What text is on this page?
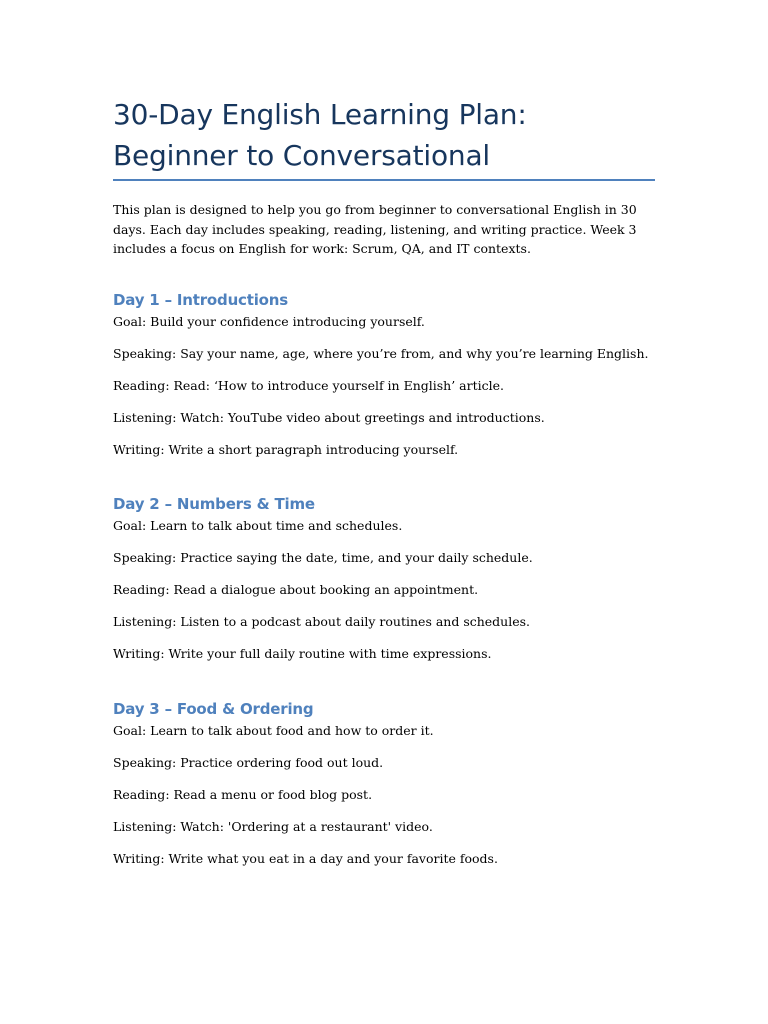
30-Day English Learning Plan: Beginner to Conversational

This plan is designed to help you go from beginner to conversational English in 30 days. Each day includes speaking, reading, listening, and writing practice. Week 3 includes a focus on English for work: Scrum, QA, and IT contexts.

Day 1 – Introductions

Goal: Build your confidence introducing yourself.

Speaking: Say your name, age, where you’re from, and why you’re learning English.

Reading: Read: ‘How to introduce yourself in English’ article.

Listening: Watch: YouTube video about greetings and introductions.

Writing: Write a short paragraph introducing yourself.

Day 2 – Numbers & Time

Goal: Learn to talk about time and schedules.

Speaking: Practice saying the date, time, and your daily schedule.

Reading: Read a dialogue about booking an appointment.

Listening: Listen to a podcast about daily routines and schedules.

Writing: Write your full daily routine with time expressions.

Day 3 – Food & Ordering

Goal: Learn to talk about food and how to order it.

Speaking: Practice ordering food out loud.

Reading: Read a menu or food blog post.

Listening: Watch: 'Ordering at a restaurant' video.

Writing: Write what you eat in a day and your favorite foods.
